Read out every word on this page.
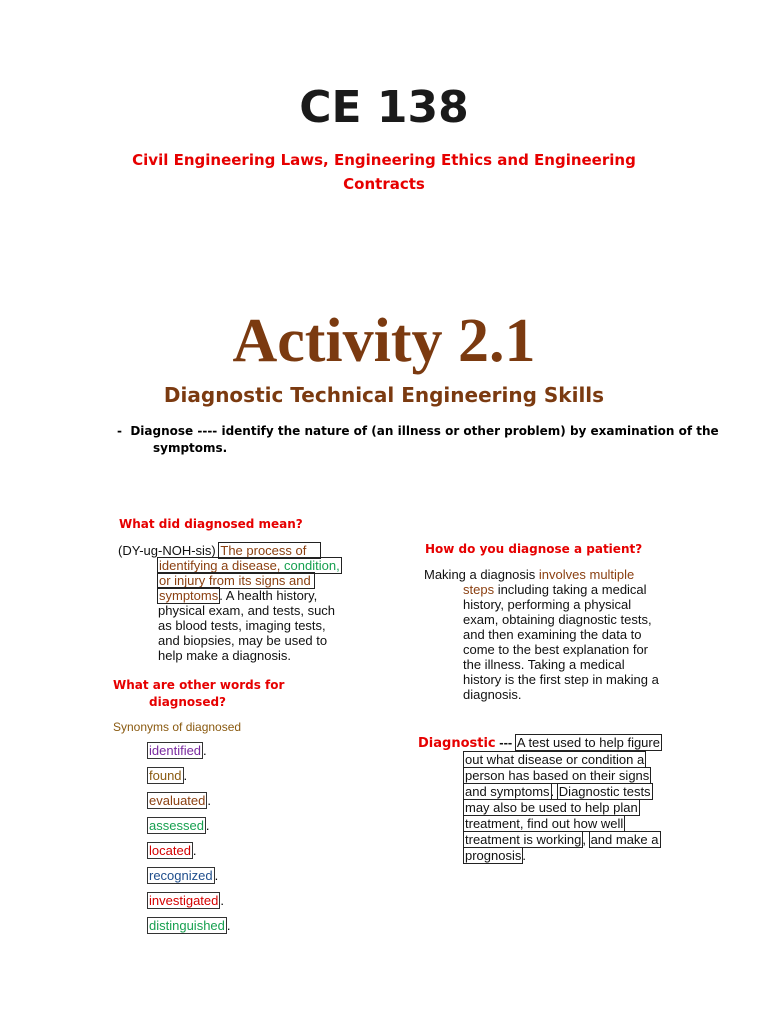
CE 138
Civil Engineering Laws, Engineering Ethics and Engineering
Contracts
Activity 2.1
Diagnostic Technical Engineering Skills
- Diagnose ---- identify the nature of (an illness or other problem) by examination of the symptoms.
What did diagnosed mean?
(DY-ug-NOH-sis) The process of
identifying a disease, condition,
or injury from its signs and
symptoms. A health history,
physical exam, and tests, such
as blood tests, imaging tests,
and biopsies, may be used to
help make a diagnosis.
What are other words for
diagnosed?
Synonyms of diagnosed
identified .
found .
evaluated .
assessed .
located .
recognized .
investigated .
distinguished .
How do you diagnose a patient?
Making a diagnosis involves multiple
steps including taking a medical
history, performing a physical
exam, obtaining diagnostic tests,
and then examining the data to
come to the best explanation for
the illness. Taking a medical
history is the first step in making a
diagnosis.
Diagnostic --- A test used to help figure
out what disease or condition a
person has based on their signs
and symptoms. Diagnostic tests
may also be used to help plan
treatment, find out how well
treatment is working, and make a
prognosis.
